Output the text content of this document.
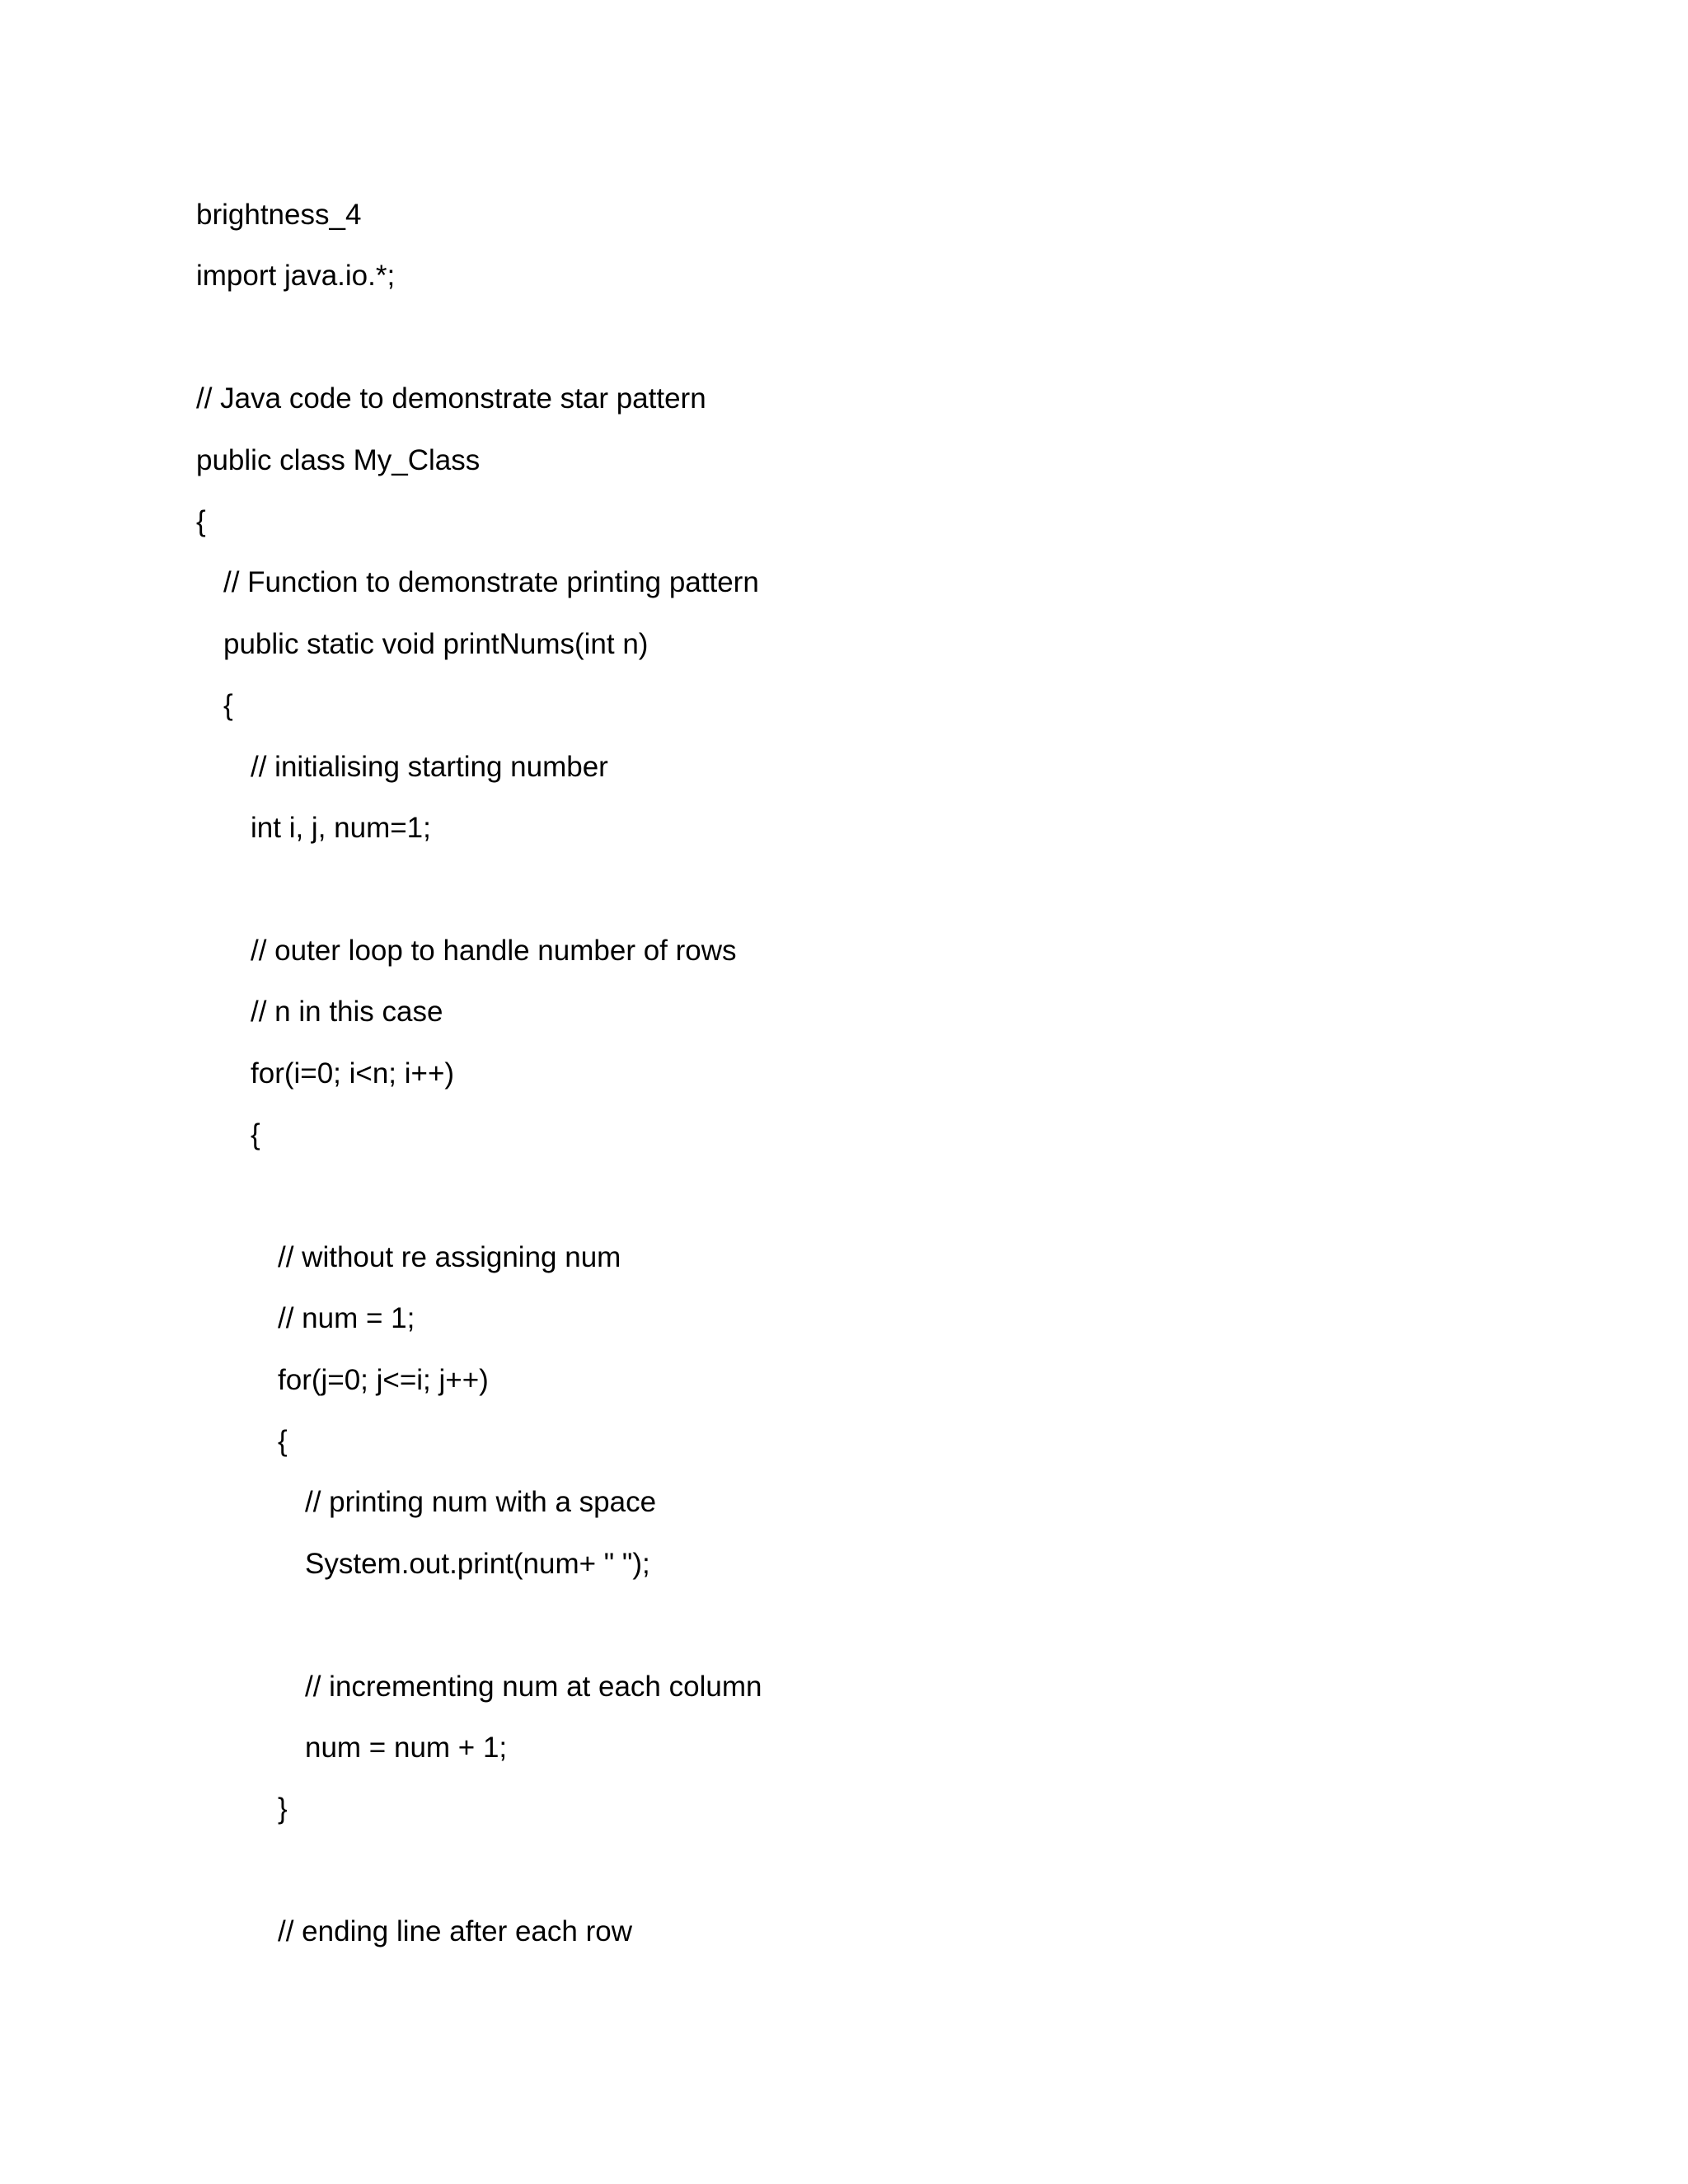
brightness_4
import java.io.*;
// Java code to demonstrate star pattern
public class My_Class
{
// Function to demonstrate printing pattern
public static void printNums(int n)
{
// initialising starting number
int i, j, num=1;
// outer loop to handle number of rows
// n in this case
for(i=0; i<n; i++)
{
// without re assigning num
// num = 1;
for(j=0; j<=i; j++)
{
// printing num with a space
System.out.print(num+ " ");
// incrementing num at each column
num = num + 1;
}
// ending line after each row
